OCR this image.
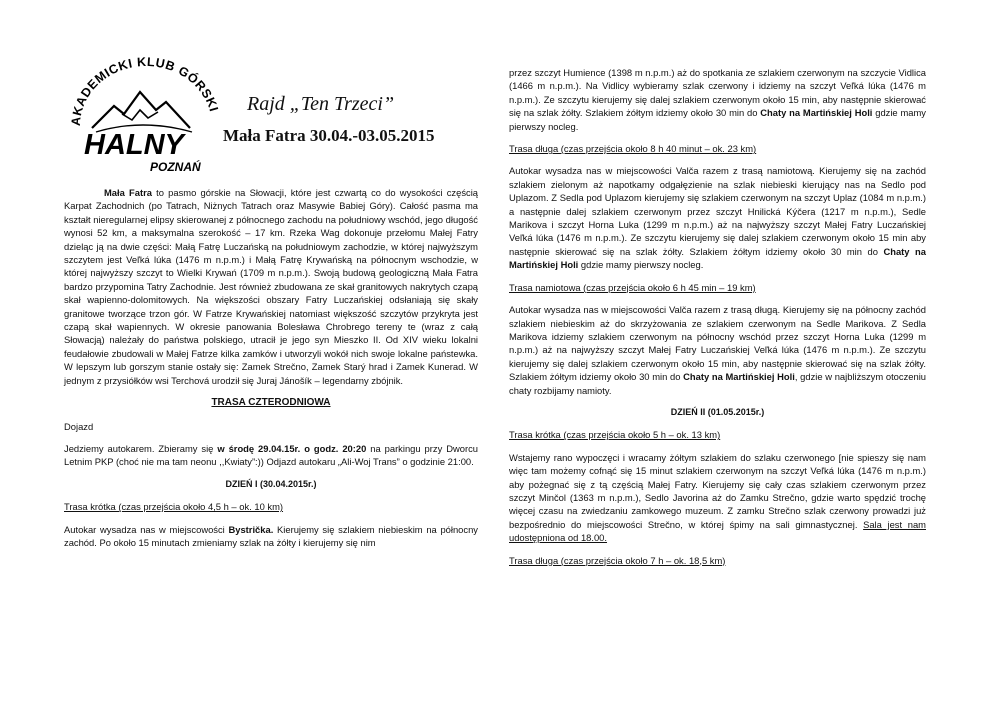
AKADEMICKI KLUB GÓRSKI
HALNY
POZNAŃ
Rajd „Ten Trzeci”
Mała Fatra 30.04.-03.05.2015

Mała Fatra to pasmo górskie na Słowacji, które jest czwartą co do wysokości częścią Karpat Zachodnich (po Tatrach, Niżnych Tatrach oraz Masywie Babiej Góry). Całość pasma ma kształt nieregularnej elipsy skierowanej z północnego zachodu na południowy wschód, jego długość wynosi 52 km, a maksymalna szerokość – 17 km. Rzeka Wag dokonuje przełomu Małej Fatry dzieląc ją na dwie części: Małą Fatrę Luczańską na południowym zachodzie, w której najwyższym szczytem jest Veľká lúka (1476 m n.p.m.) i Małą Fatrę Krywańską na północnym wschodzie, w której najwyższy szczyt to Wielki Krywań (1709 m n.p.m.). Swoją budową geologiczną Mała Fatra bardzo przypomina Tatry Zachodnie. Jest również zbudowana ze skał granitowych nakrytych czapą skał wapienno-dolomitowych. Na większości obszary Fatry Luczańskiej odsłaniają się skały granitowe tworzące trzon gór. W Fatrze Krywańskiej natomiast większość szczytów przykryta jest czapą skał wapiennych. W okresie panowania Bolesława Chrobrego tereny te (wraz z całą Słowacją) należały do państwa polskiego, utracił je jego syn Mieszko II. Od XIV wieku lokalni feudałowie zbudowali w Małej Fatrze kilka zamków i utworzyli wokół nich swoje lokalne państewka. W lepszym lub gorszym stanie ostały się: Zamek Strečno, Zamek Starý hrad i Zamek Kunerad. W jednym z przysiółków wsi Terchová urodził się Juraj Jánošík – legendarny zbójnik.

TRASA CZTERODNIOWA

Dojazd

Jedziemy autokarem. Zbieramy się w środę 29.04.15r. o godz. 20:20 na parkingu przy Dworcu Letnim PKP (choć nie ma tam neonu ,,Kwiaty”:)) Odjazd autokaru „Ali-Woj Trans” o godzinie 21:00.

DZIEŃ I (30.04.2015r.)

Trasa krótka (czas przejścia około 4,5 h – ok. 10 km)

Autokar wysadza nas w miejscowości Bystrička. Kierujemy się szlakiem niebieskim na północny zachód. Po około 15 minutach zmieniamy szlak na żółty i kierujemy się nim

przez szczyt Humience (1398 m n.p.m.) aż do spotkania ze szlakiem czerwonym na szczycie Vidlica (1466 m n.p.m.). Na Vidlicy wybieramy szlak czerwony i idziemy na szczyt Veľká lúka (1476 m n.p.m.). Ze szczytu kierujemy się dalej szlakiem czerwonym około 15 min, aby następnie skierować się na szlak żółty. Szlakiem żółtym idziemy około 30 min do Chaty na Martińskiej Holi gdzie mamy pierwszy nocleg.

Trasa długa (czas przejścia około 8 h 40 minut – ok. 23 km)

Autokar wysadza nas w miejscowości Valča razem z trasą namiotową. Kierujemy się na zachód szlakiem zielonym aż napotkamy odgałęzienie na szlak niebieski kierujący nas na Sedlo pod Uplazom. Z Sedla pod Uplazom kierujemy się szlakiem czerwonym na szczyt Uplaz (1084 m n.p.m.) a następnie dalej szlakiem czerwonym przez szczyt Hnilická Kýčera (1217 m n.p.m.), Sedle Marikova i szczyt Horna Luka (1299 m n.p.m.) aż na najwyższy szczyt Małej Fatry Luczańskiej Veľká lúka (1476 m n.p.m.). Ze szczytu kierujemy się dalej szlakiem czerwonym około 15 min aby następnie skierować się na szlak żółty. Szlakiem żółtym idziemy około 30 min do Chaty na Martińskiej Holi gdzie mamy pierwszy nocleg.

Trasa namiotowa (czas przejścia około 6 h 45 min – 19 km)

Autokar wysadza nas w miejscowości Valča razem z trasą długą. Kierujemy się na północny zachód szlakiem niebieskim aż do skrzyżowania ze szlakiem czerwonym na Sedle Marikova. Z Sedla Marikova idziemy szlakiem czerwonym na północny wschód przez szczyt Horna Luka (1299 m n.p.m.) aż na najwyższy szczyt Małej Fatry Luczańskiej Veľká lúka (1476 m n.p.m.). Ze szczytu kierujemy się dalej szlakiem czerwonym około 15 min, aby następnie skierować się na szlak żółty. Szlakiem żółtym idziemy około 30 min do Chaty na Martińskiej Holi, gdzie w najbliższym otoczeniu chaty rozbijamy namioty.

DZIEŃ II (01.05.2015r.)

Trasa krótka (czas przejścia około 5 h – ok. 13 km)

Wstajemy rano wypoczęci i wracamy żółtym szlakiem do szlaku czerwonego [nie spieszy się nam więc tam możemy cofnąć się 15 minut szlakiem czerwonym na szczyt Veľká lúka (1476 m n.p.m.) aby pożegnać się z tą częścią Małej Fatry. Kierujemy się cały czas szlakiem czerwonym przez szczyt Minčol (1363 m n.p.m.), Sedlo Javorina aż do Zamku Strečno, gdzie warto spędzić trochę więcej czasu na zwiedzaniu zamkowego muzeum. Z zamku Strečno szlak czerwony prowadzi już bezpośrednio do miejscowości Strečno, w której śpimy na sali gimnastycznej. Sala jest nam udostępniona od 18.00.

Trasa długa (czas przejścia około 7 h – ok. 18,5 km)
